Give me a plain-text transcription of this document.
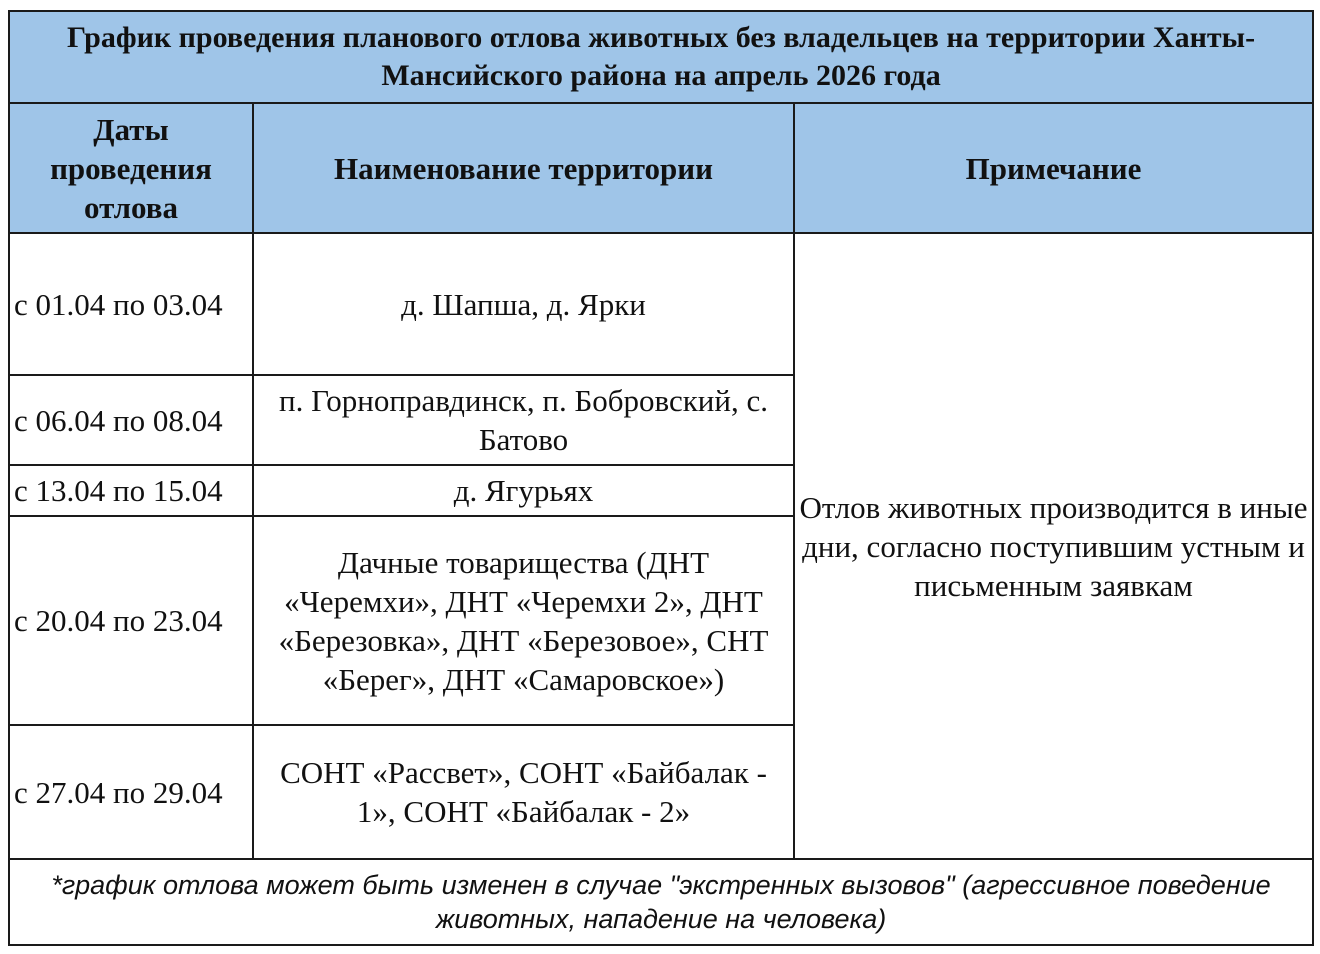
График проведения планового отлова животных без владельцев на территории Ханты-Мансийского района на апрель 2026 года		
Даты проведения отлова	Наименование территории	Примечание
с 01.04 по 03.04	д. Шапша, д. Ярки	Отлов животных производится в иные дни, согласно поступившим устным и письменным заявкам
с 06.04 по 08.04	п. Горноправдинск, п. Бобровский, с. Батово	
с 13.04 по 15.04	д. Ягурьях	
с 20.04 по 23.04	Дачные товарищества (ДНТ «Черемхи», ДНТ «Черемхи 2», ДНТ «Березовка», ДНТ «Березовое», СНТ «Берег», ДНТ «Самаровское»)	
с 27.04 по 29.04	СОНТ «Рассвет», СОНТ «Байбалак - 1», СОНТ «Байбалак - 2»	
*график отлова может быть изменен в случае "экстренных вызовов" (агрессивное поведение животных, нападение на человека)		
